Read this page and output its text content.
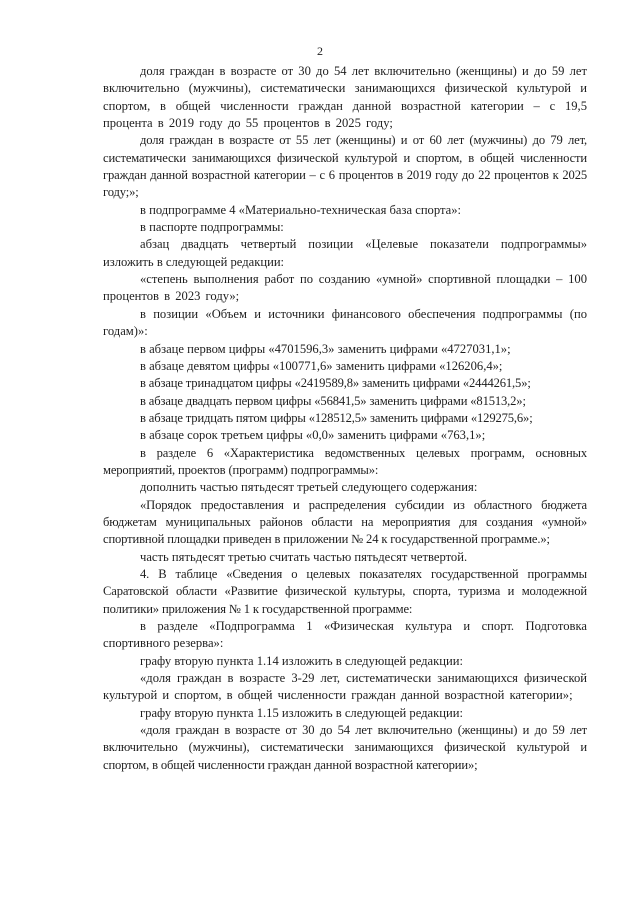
2

доля граждан в возрасте от 30 до 54 лет включительно (женщины) и до 59 лет включительно (мужчины), систематически занимающихся физической культурой и спортом, в общей численности граждан данной возрастной категории – с 19,5 процента в 2019 году до 55 процентов в 2025 году;

доля граждан в возрасте от 55 лет (женщины) и от 60 лет (мужчины) до 79 лет, систематически занимающихся физической культурой и спортом, в общей численности граждан данной возрастной категории – с 6 процентов в 2019 году до 22 процентов к 2025 году;»;

в подпрограмме 4 «Материально-техническая база спорта»:

в паспорте подпрограммы:

абзац двадцать четвертый позиции «Целевые показатели подпрограммы» изложить в следующей редакции:

«степень выполнения работ по созданию «умной» спортивной площадки – 100 процентов в 2023 году»;

в позиции «Объем и источники финансового обеспечения подпрограммы (по годам)»:

в абзаце первом цифры «4701596,3» заменить цифрами «4727031,1»;

в абзаце девятом цифры «100771,6» заменить цифрами «126206,4»;

в абзаце тринадцатом цифры «2419589,8» заменить цифрами «2444261,5»;

в абзаце двадцать первом цифры «56841,5» заменить цифрами «81513,2»;

в абзаце тридцать пятом цифры «128512,5» заменить цифрами «129275,6»;

в абзаце сорок третьем цифры «0,0» заменить цифрами «763,1»;

в разделе 6 «Характеристика ведомственных целевых программ, основных мероприятий, проектов (программ) подпрограммы»:

дополнить частью пятьдесят третьей следующего содержания:

«Порядок предоставления и распределения субсидии из областного бюджета бюджетам муниципальных районов области на мероприятия для создания «умной» спортивной площадки приведен в приложении № 24 к государственной программе.»;

часть пятьдесят третью считать частью пятьдесят четвертой.

4. В таблице «Сведения о целевых показателях государственной программы Саратовской области «Развитие физической культуры, спорта, туризма и молодежной политики» приложения № 1 к государственной программе:

в разделе «Подпрограмма 1 «Физическая культура и спорт. Подготовка спортивного резерва»:

графу вторую пункта 1.14 изложить в следующей редакции:

«доля граждан в возрасте 3-29 лет, систематически занимающихся физической культурой и спортом, в общей численности граждан данной возрастной категории»;

графу вторую пункта 1.15 изложить в следующей редакции:

«доля граждан в возрасте от 30 до 54 лет включительно (женщины) и до 59 лет включительно (мужчины), систематически занимающихся физической культурой и спортом, в общей численности граждан данной возрастной категории»;
